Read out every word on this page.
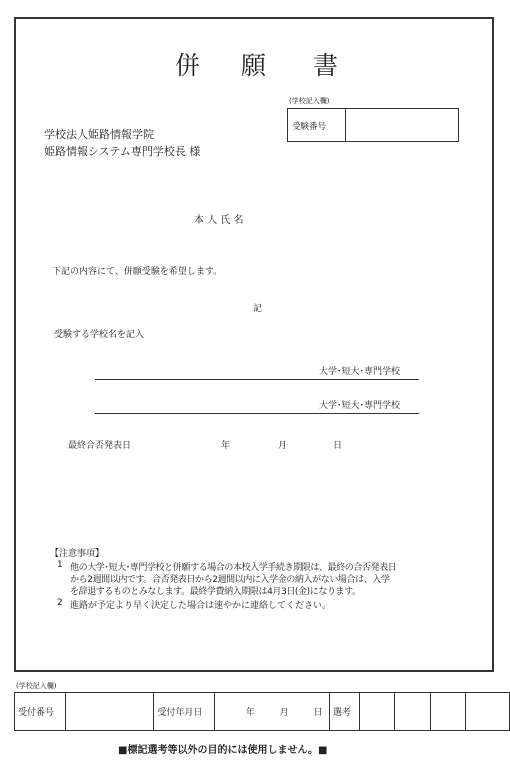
併 願 書
(学校記入欄)
受験番号
学校法人姫路情報学院
姫路情報システム専門学校長 様
本 人 氏 名
下記の内容にて、併願受験を希望します。
記
受験する学校名を記入
大学･短大･専門学校
大学･短大･専門学校
最終合否発表日	年	月	日
【注意事項】
1 他の大学･短大･専門学校と併願する場合の本校入学手続き期限は、最終の合否発表日
から2週間以内です。合否発表日から2週間以内に入学金の納入がない場合は、入学
を辞退するものとみなします。最終学費納入期限は4月3日(金)になります。
2 進路が予定より早く決定した場合は速やかに連絡してください。
(学校記入欄)
受付番号		受付年月日	年	月	日	選考				
■標記選考等以外の目的には使用しません。■
